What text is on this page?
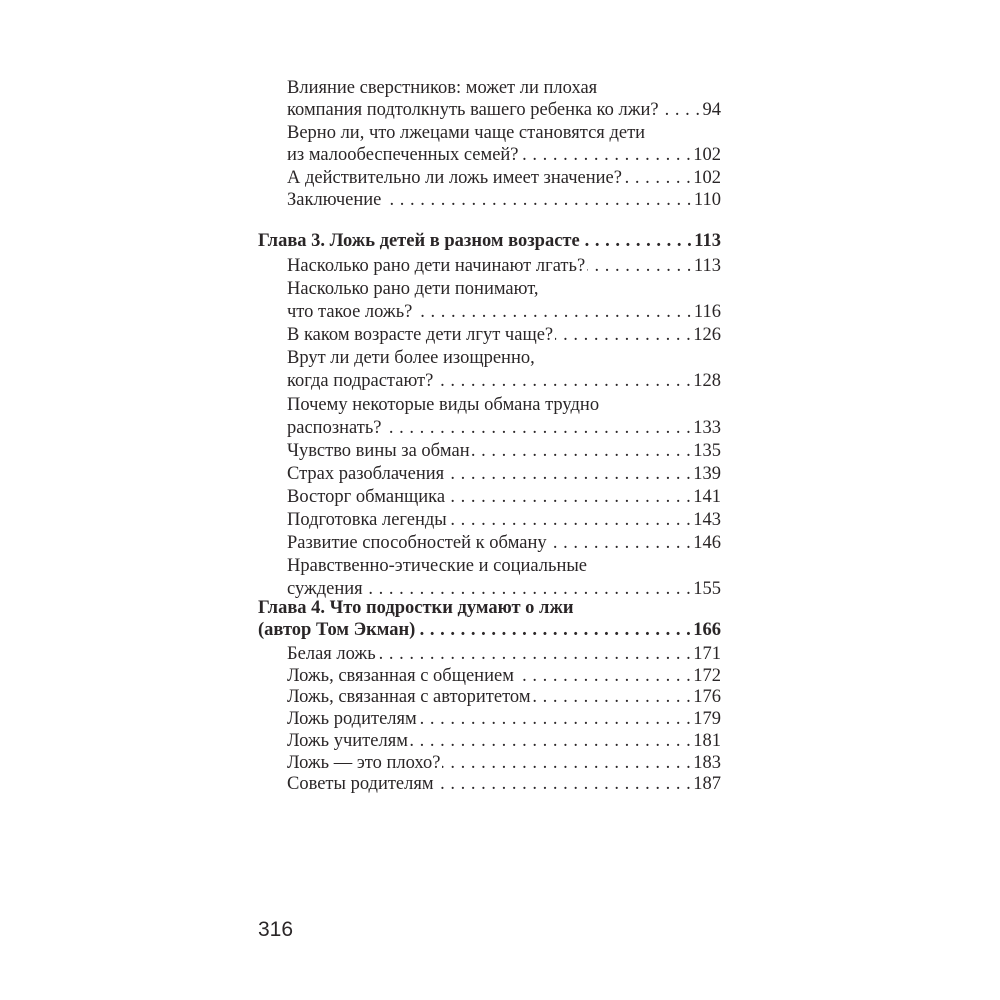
Влияние сверстников: может ли плохая
компания подтолкнуть вашего ребенка ко лжи? . . . 94
Верно ли, что лжецами чаще становятся дети
из малообеспеченных семей? . . .	102
А действительно ли ложь имеет значение? . . .	102
Заключение . . .	110
Глава 3. Ложь детей в разном возрасте . . .	113
Насколько рано дети начинают лгать? . . .	113
Насколько рано дети понимают,
что такое ложь? . . .	116
В каком возрасте дети лгут чаще? . . .	126
Врут ли дети более изощренно,
когда подрастают? . . .	128
Почему некоторые виды обмана трудно
распознать? . . .	133
Чувство вины за обман . . .	135
Страх разоблачения . . .	139
Восторг обманщика . . .	141
Подготовка легенды . . .	143
Развитие способностей к обману . . .	146
Нравственно-этические и социальные
суждения . . .	155
Глава 4. Что подростки думают о лжи
(автор Том Экман) . . .	166
Белая ложь . . .	171
Ложь, связанная с общением . . .	172
Ложь, связанная с авторитетом . . .	176
Ложь родителям . . .	179
Ложь учителям . . .	181
Ложь — это плохо? . . .	183
Советы родителям . . .	187
316
